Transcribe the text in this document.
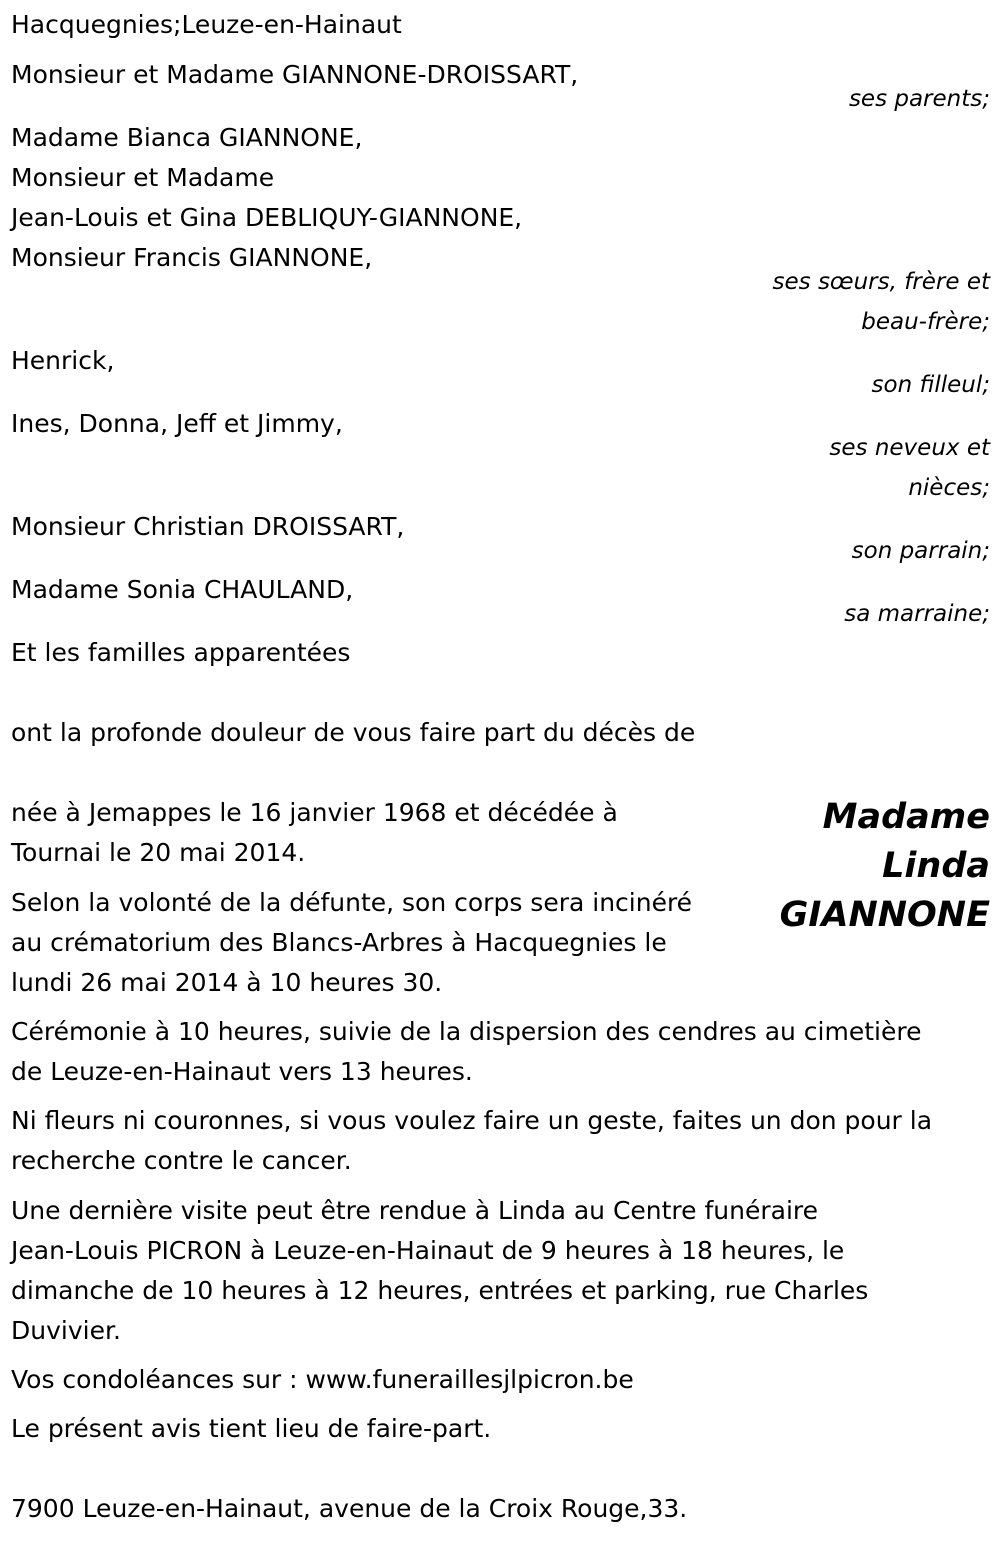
Hacquegnies;Leuze-en-Hainaut
Monsieur et Madame GIANNONE-DROISSART,
ses parents;
Madame Bianca GIANNONE,
Monsieur et Madame
Jean-Louis et Gina DEBLIQUY-GIANNONE,
Monsieur Francis GIANNONE,
ses sœurs, frère et
beau-frère;
Henrick,
son filleul;
Ines, Donna, Jeff et Jimmy,
ses neveux et
nièces;
Monsieur Christian DROISSART,
son parrain;
Madame Sonia CHAULAND,
sa marraine;
Et les familles apparentées
ont la profonde douleur de vous faire part du décès de
Madame
Linda
GIANNONE
née à Jemappes le 16 janvier 1968 et décédée à
Tournai le 20 mai 2014.
Selon la volonté de la défunte, son corps sera incinéré
au crématorium des Blancs-Arbres à Hacquegnies le
lundi 26 mai 2014 à 10 heures 30.
Cérémonie à 10 heures, suivie de la dispersion des cendres au cimetière
de Leuze-en-Hainaut vers 13 heures.
Ni fleurs ni couronnes, si vous voulez faire un geste, faites un don pour la
recherche contre le cancer.
Une dernière visite peut être rendue à Linda au Centre funéraire
Jean-Louis PICRON à Leuze-en-Hainaut de 9 heures à 18 heures, le
dimanche de 10 heures à 12 heures, entrées et parking, rue Charles
Duvivier.
Vos condoléances sur : www.funeraillesjlpicron.be
Le présent avis tient lieu de faire-part.
7900 Leuze-en-Hainaut, avenue de la Croix Rouge,33.
